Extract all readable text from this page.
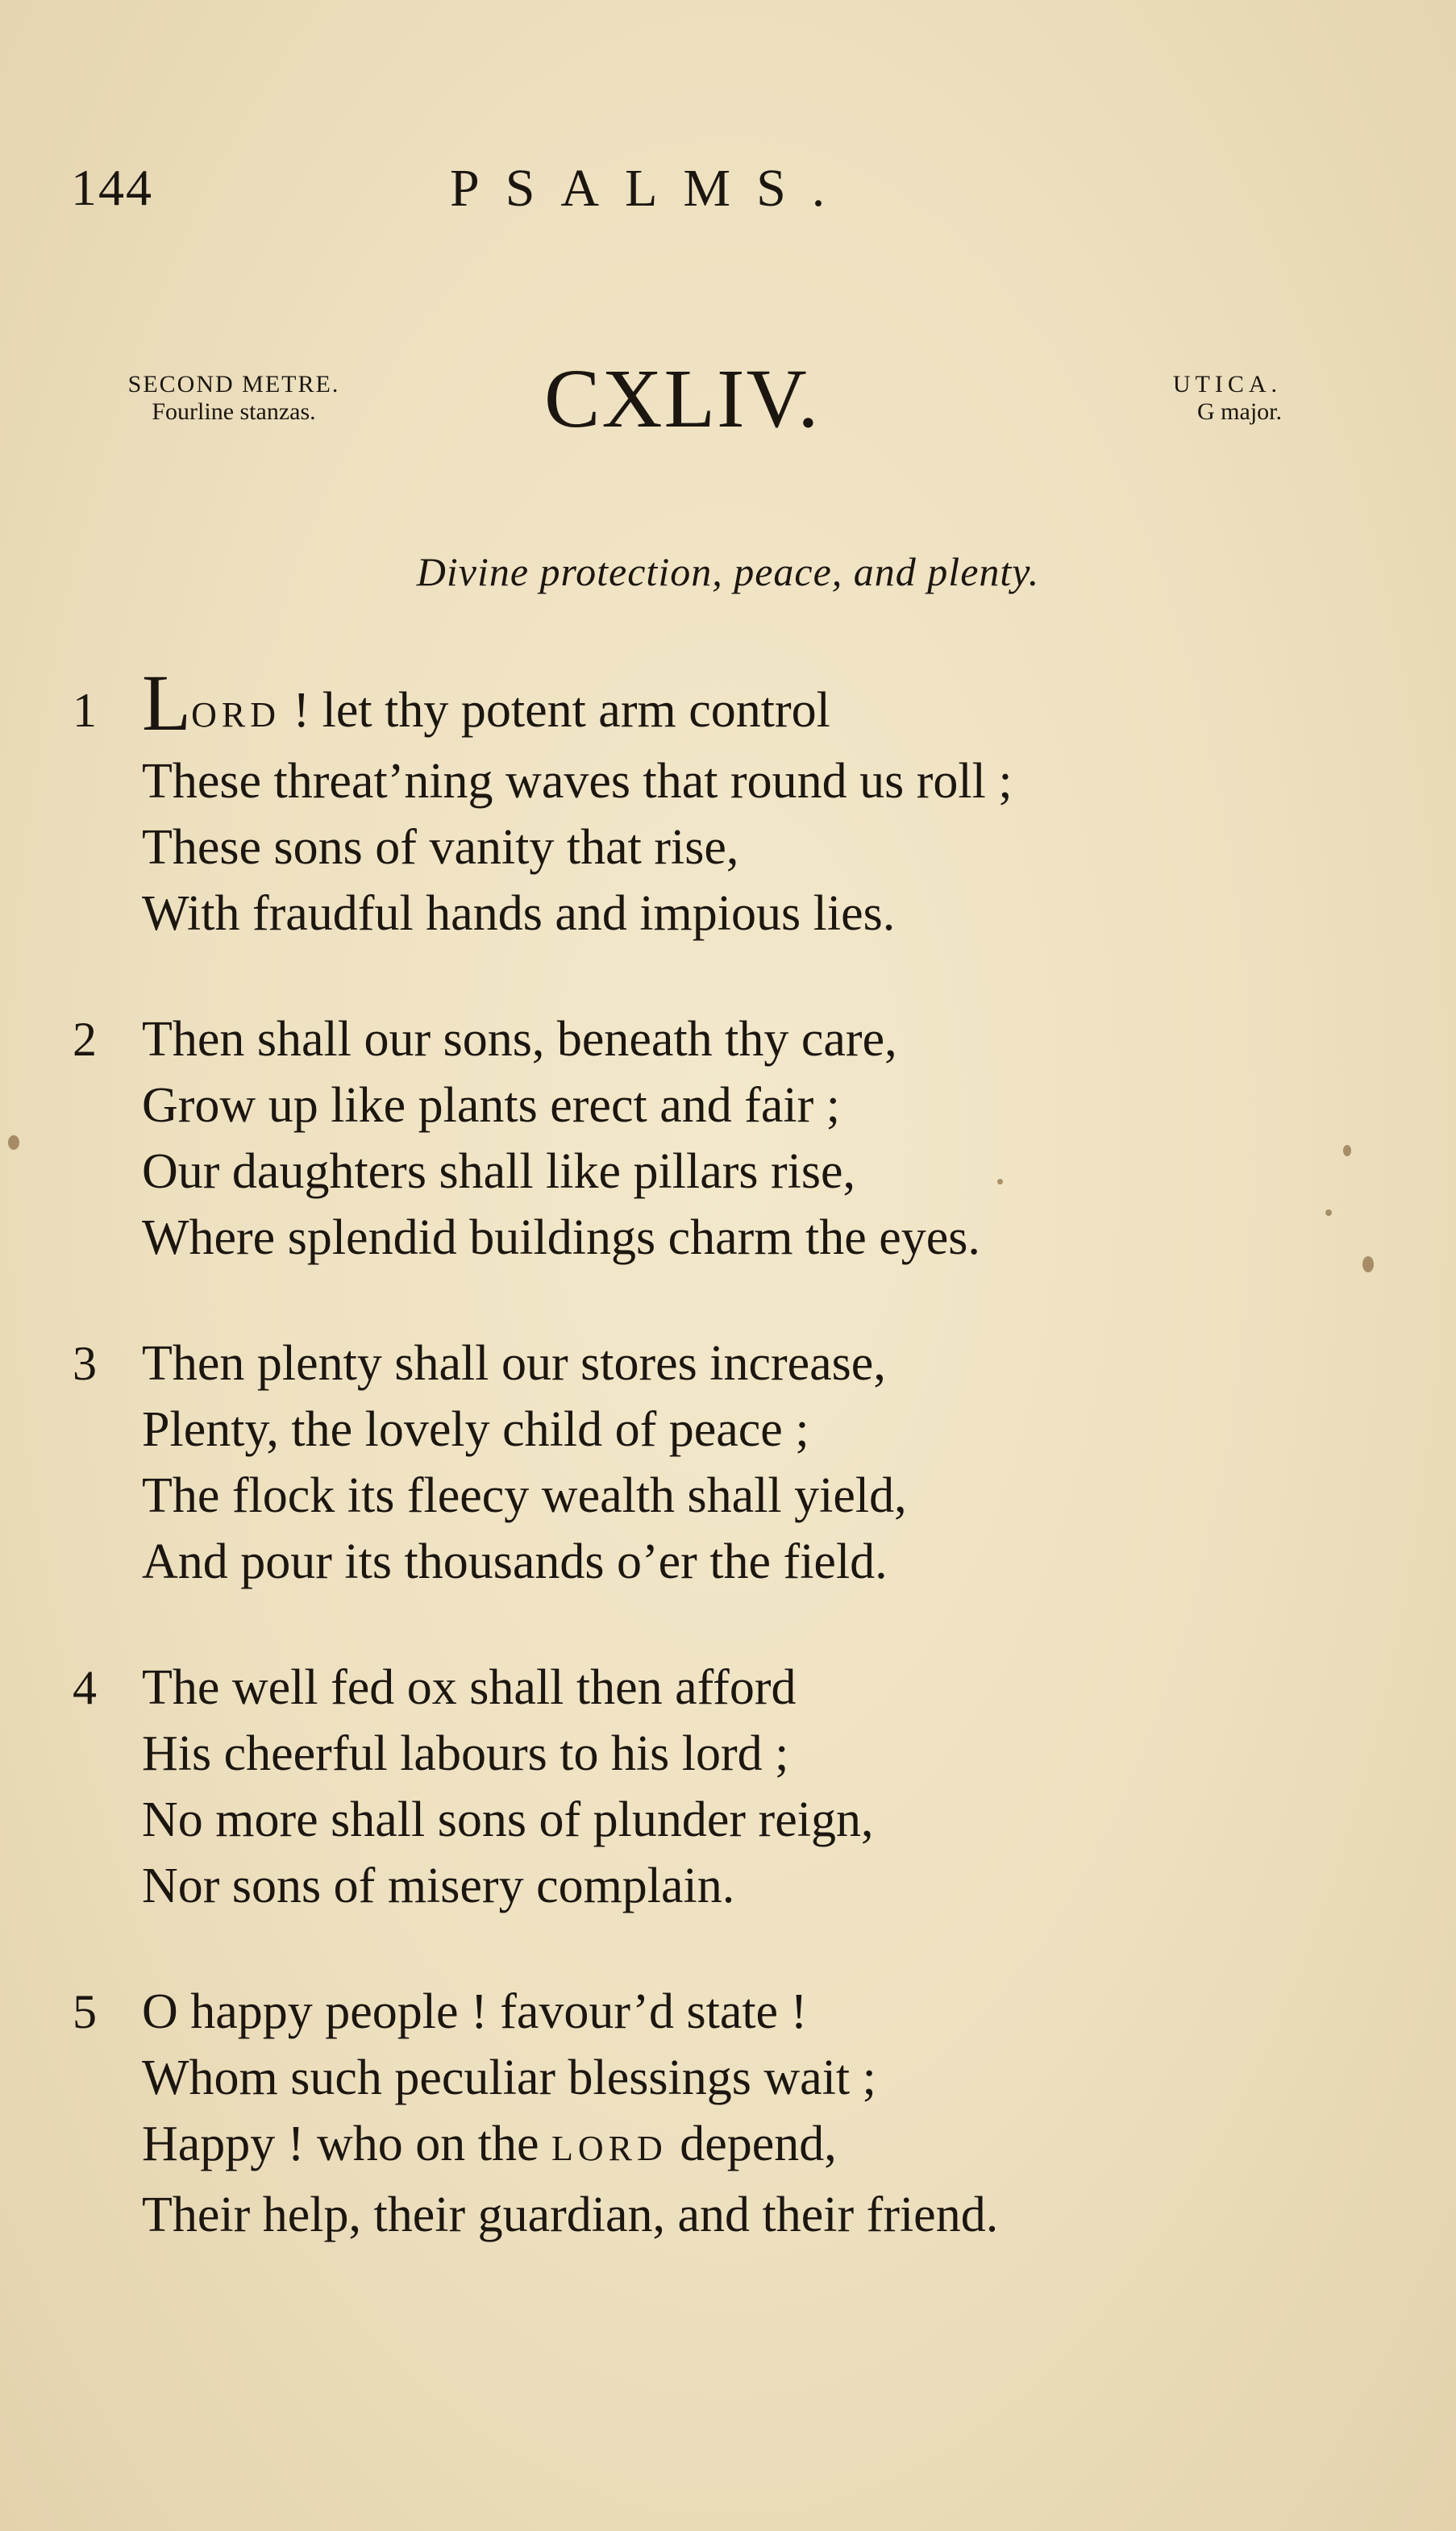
144	PSALMS.
SECOND METRE.
Fourline stanzas.	CXLIV.	UTICA.
G major.
Divine protection, peace, and plenty.
1 LORD ! let thy potent arm control
These threat’ning waves that round us roll ;
These sons of vanity that rise,
With fraudful hands and impious lies.
2 Then shall our sons, beneath thy care,
Grow up like plants erect and fair ;
Our daughters shall like pillars rise,
Where splendid buildings charm the eyes.
3 Then plenty shall our stores increase,
Plenty, the lovely child of peace ;
The flock its fleecy wealth shall yield,
And pour its thousands o’er the field.
4 The well fed ox shall then afford
His cheerful labours to his lord ;
No more shall sons of plunder reign,
Nor sons of misery complain.
5 O happy people ! favour’d state !
Whom such peculiar blessings wait ;
Happy ! who on the LORD depend,
Their help, their guardian, and their friend.
